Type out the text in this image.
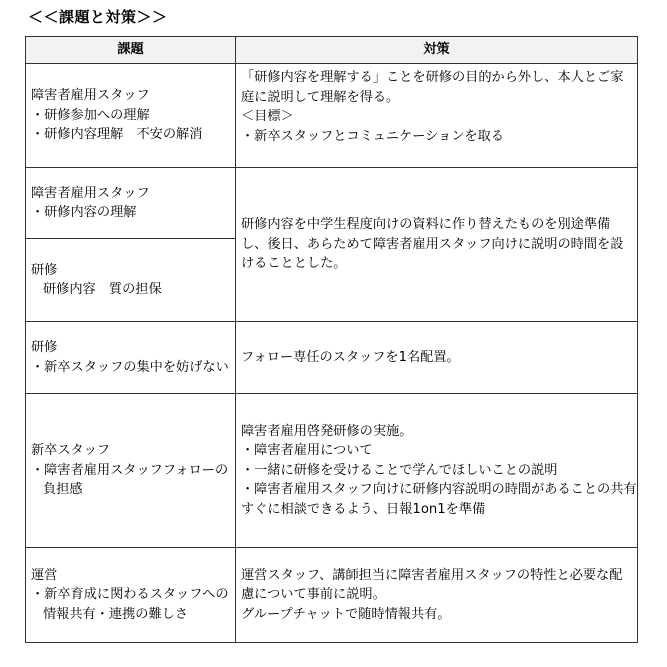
＜＜課題と対策＞＞
課題	対策

障害者雇用スタッフ
・研修参加への理解
・研修内容理解　不安の解消	「研修内容を理解する」ことを研修の目的から外し、本人とご家庭に説明して理解を得る。
＜目標＞
・新卒スタッフとコミュニケーションを取る

障害者雇用スタッフ
・研修内容の理解	研修内容を中学生程度向けの資料に作り替えたものを別途準備し、後日、あらためて障害者雇用スタッフ向けに説明の時間を設けることとした。

研修
研修内容　質の担保	

研修
・新卒スタッフの集中を妨げない	フォロー専任のスタッフを1名配置。

新卒スタッフ
・障害者雇用スタッフフォローの
負担感	障害者雇用啓発研修の実施。
・障害者雇用について
・一緒に研修を受けることで学んでほしいことの説明
・障害者雇用スタッフ向けに研修内容説明の時間があることの共有
すぐに相談できるよう、日報1on1を準備

運営
・新卒育成に関わるスタッフへの
情報共有・連携の難しさ	運営スタッフ、講師担当に障害者雇用スタッフの特性と必要な配慮について事前に説明。
グループチャットで随時情報共有。
